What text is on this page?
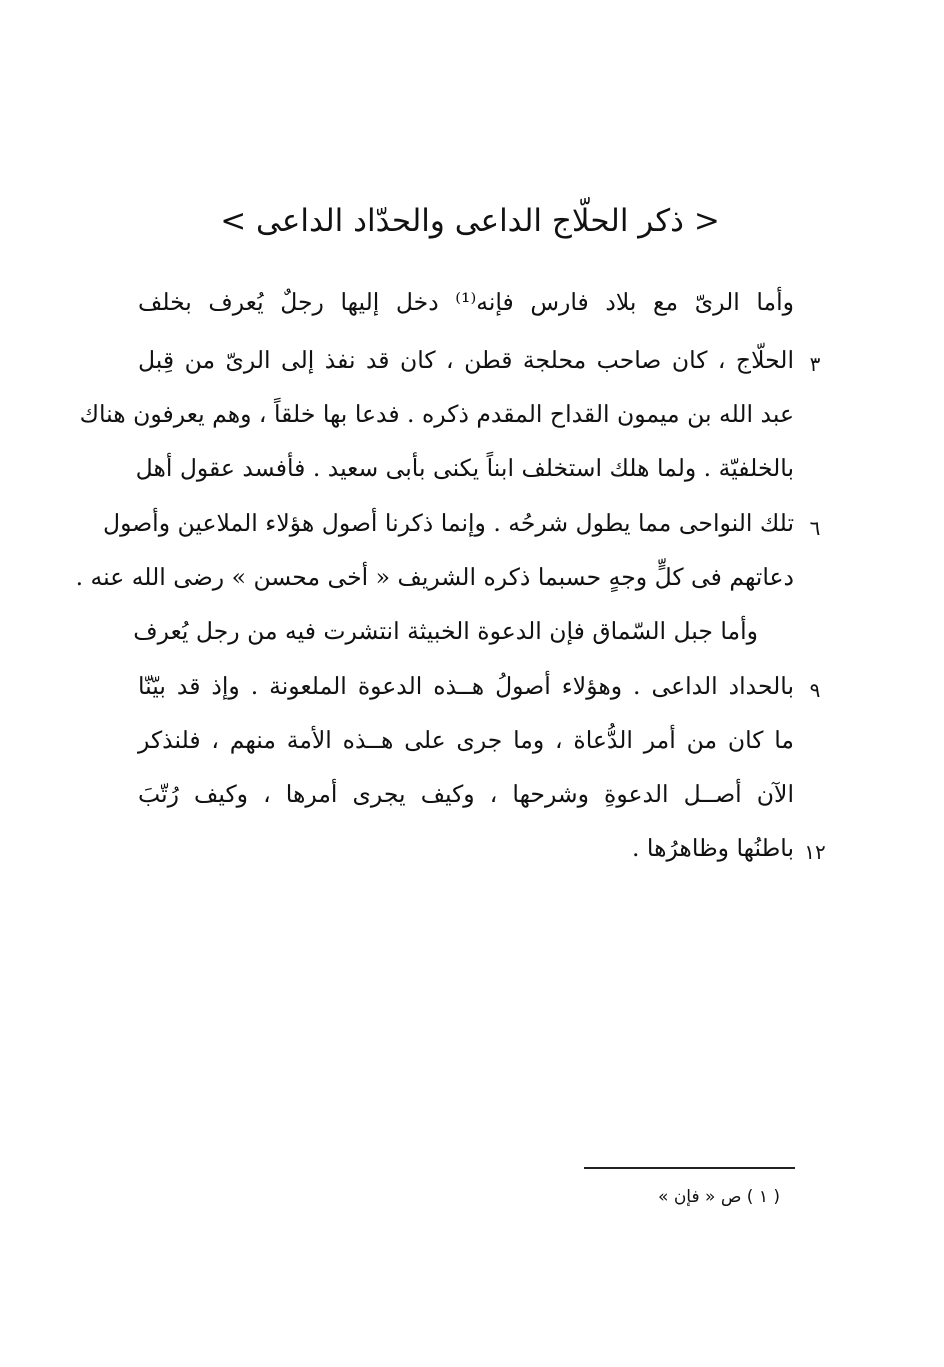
< ذكر الحلّاج الداعى والحدّاد الداعى >
وأما الرىّ مع بلاد فارس فإنه⁽¹⁾ دخل إليها رجلٌ يُعرف بخلف
الحلّاج ، كان صاحب محلجة قطن ، كان قد نفذ إلى الرىّ من قِبل ٣
عبد الله بن ميمون القداح المقدم ذكره . فدعا بها خلقاً ، وهم يعرفون هناك
بالخلفيّة . ولما هلك استخلف ابناً يكنى بأبى سعيد . فأفسد عقول أهل
تلك النواحى مما يطول شرحُه . وإنما ذكرنا أصول هؤلاء الملاعين وأصول ٦
دعاتهم فى كلٍّ وجهٍ حسبما ذكره الشريف « أخى محسن » رضى الله عنه .
وأما جبل السّماق فإن الدعوة الخبيثة انتشرت فيه من رجل يُعرف
بالحداد الداعى . وهؤلاء أصولُ هــذه الدعوة الملعونة . وإذ قد بيّنّا ٩
ما كان من أمر الدُّعاة ، وما جرى على هــذه الأمة منهم ، فلنذكر
الآن أصــل الدعوةِ وشرحها ، وكيف يجرى أمرها ، وكيف رُتّبَ
باطنُها وظاهرُها . ١٢
( ١ ) ص « فإن »
